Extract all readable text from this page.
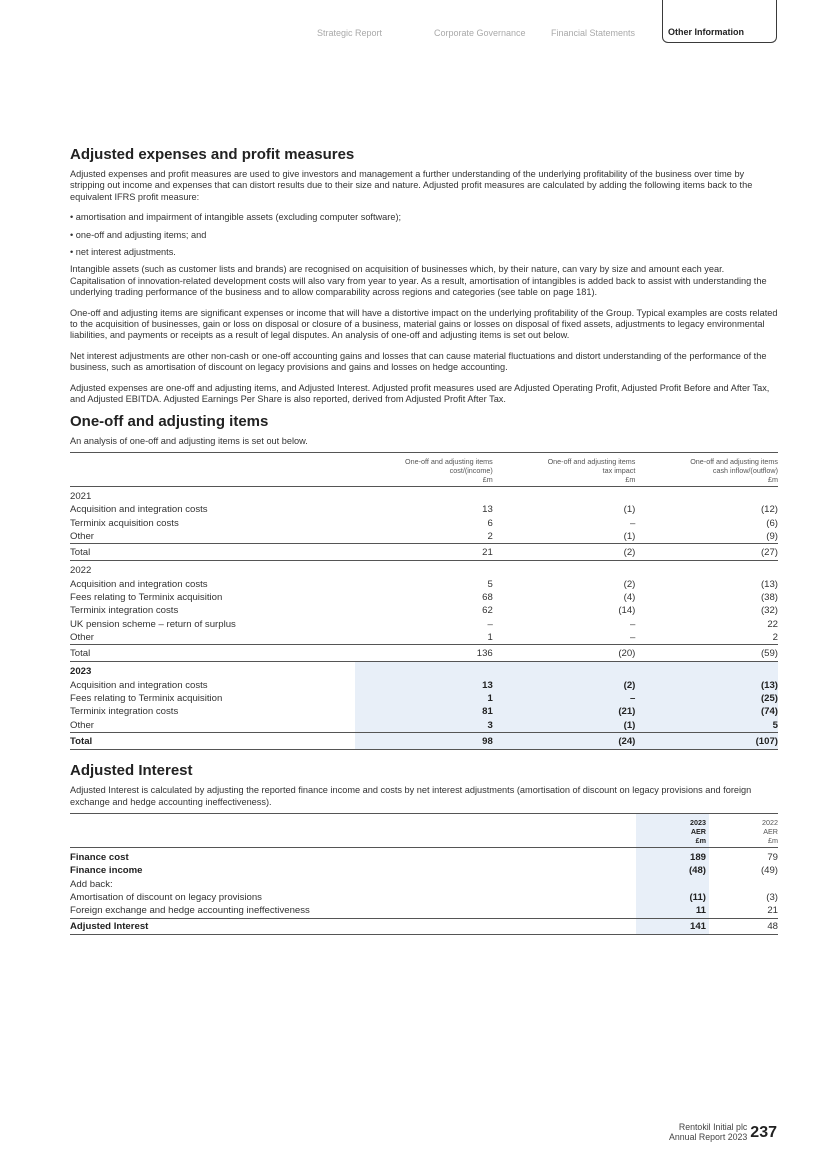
Strategic Report	Corporate Governance	Financial Statements	Other Information
Adjusted expenses and profit measures

Adjusted expenses and profit measures are used to give investors and management a further understanding of the underlying profitability of the business over time by stripping out income and expenses that can distort results due to their size and nature. Adjusted profit measures are calculated by adding the following items back to the equivalent IFRS profit measure:

• amortisation and impairment of intangible assets (excluding computer software);

• one-off and adjusting items; and

• net interest adjustments.

Intangible assets (such as customer lists and brands) are recognised on acquisition of businesses which, by their nature, can vary by size and amount each year. Capitalisation of innovation-related development costs will also vary from year to year. As a result, amortisation of intangibles is added back to assist with understanding the underlying trading performance of the business and to allow comparability across regions and categories (see table on page 181).

One-off and adjusting items are significant expenses or income that will have a distortive impact on the underlying profitability of the Group. Typical examples are costs related to the acquisition of businesses, gain or loss on disposal or closure of a business, material gains or losses on disposal of fixed assets, adjustments to legacy environmental liabilities, and payments or receipts as a result of legal disputes. An analysis of one-off and adjusting items is set out below.

Net interest adjustments are other non-cash or one-off accounting gains and losses that can cause material fluctuations and distort understanding of the performance of the business, such as amortisation of discount on legacy provisions and gains and losses on hedge accounting.

Adjusted expenses are one-off and adjusting items, and Adjusted Interest. Adjusted profit measures used are Adjusted Operating Profit, Adjusted Profit Before and After Tax, and Adjusted EBITDA. Adjusted Earnings Per Share is also reported, derived from Adjusted Profit After Tax.

One-off and adjusting items

An analysis of one-off and adjusting items is set out below.

	One-off and adjusting items
cost/(income)
£m	One-off and adjusting items
tax impact
£m	One-off and adjusting items
cash inflow/(outflow)
£m
2021			
Acquisition and integration costs	13	(1)	(12)
Terminix acquisition costs	6	–	(6)
Other	2	(1)	(9)
Total	21	(2)	(27)
2022			
Acquisition and integration costs	5	(2)	(13)
Fees relating to Terminix acquisition	68	(4)	(38)
Terminix integration costs	62	(14)	(32)
UK pension scheme – return of surplus	–	–	22
Other	1	–	2
Total	136	(20)	(59)
2023			
Acquisition and integration costs	13	(2)	(13)
Fees relating to Terminix acquisition	1	–	(25)
Terminix integration costs	81	(21)	(74)
Other	3	(1)	5
Total	98	(24)	(107)
Adjusted Interest

Adjusted Interest is calculated by adjusting the reported finance income and costs by net interest adjustments (amortisation of discount on legacy provisions and foreign exchange and hedge accounting ineffectiveness).

	2023
AER
£m	2022
AER
£m
Finance cost	189	79
Finance income	(48)	(49)
Add back:		
Amortisation of discount on legacy provisions	(11)	(3)
Foreign exchange and hedge accounting ineffectiveness	11	21
Adjusted Interest	141	48
Rentokil Initial plc
Annual Report 2023 237
